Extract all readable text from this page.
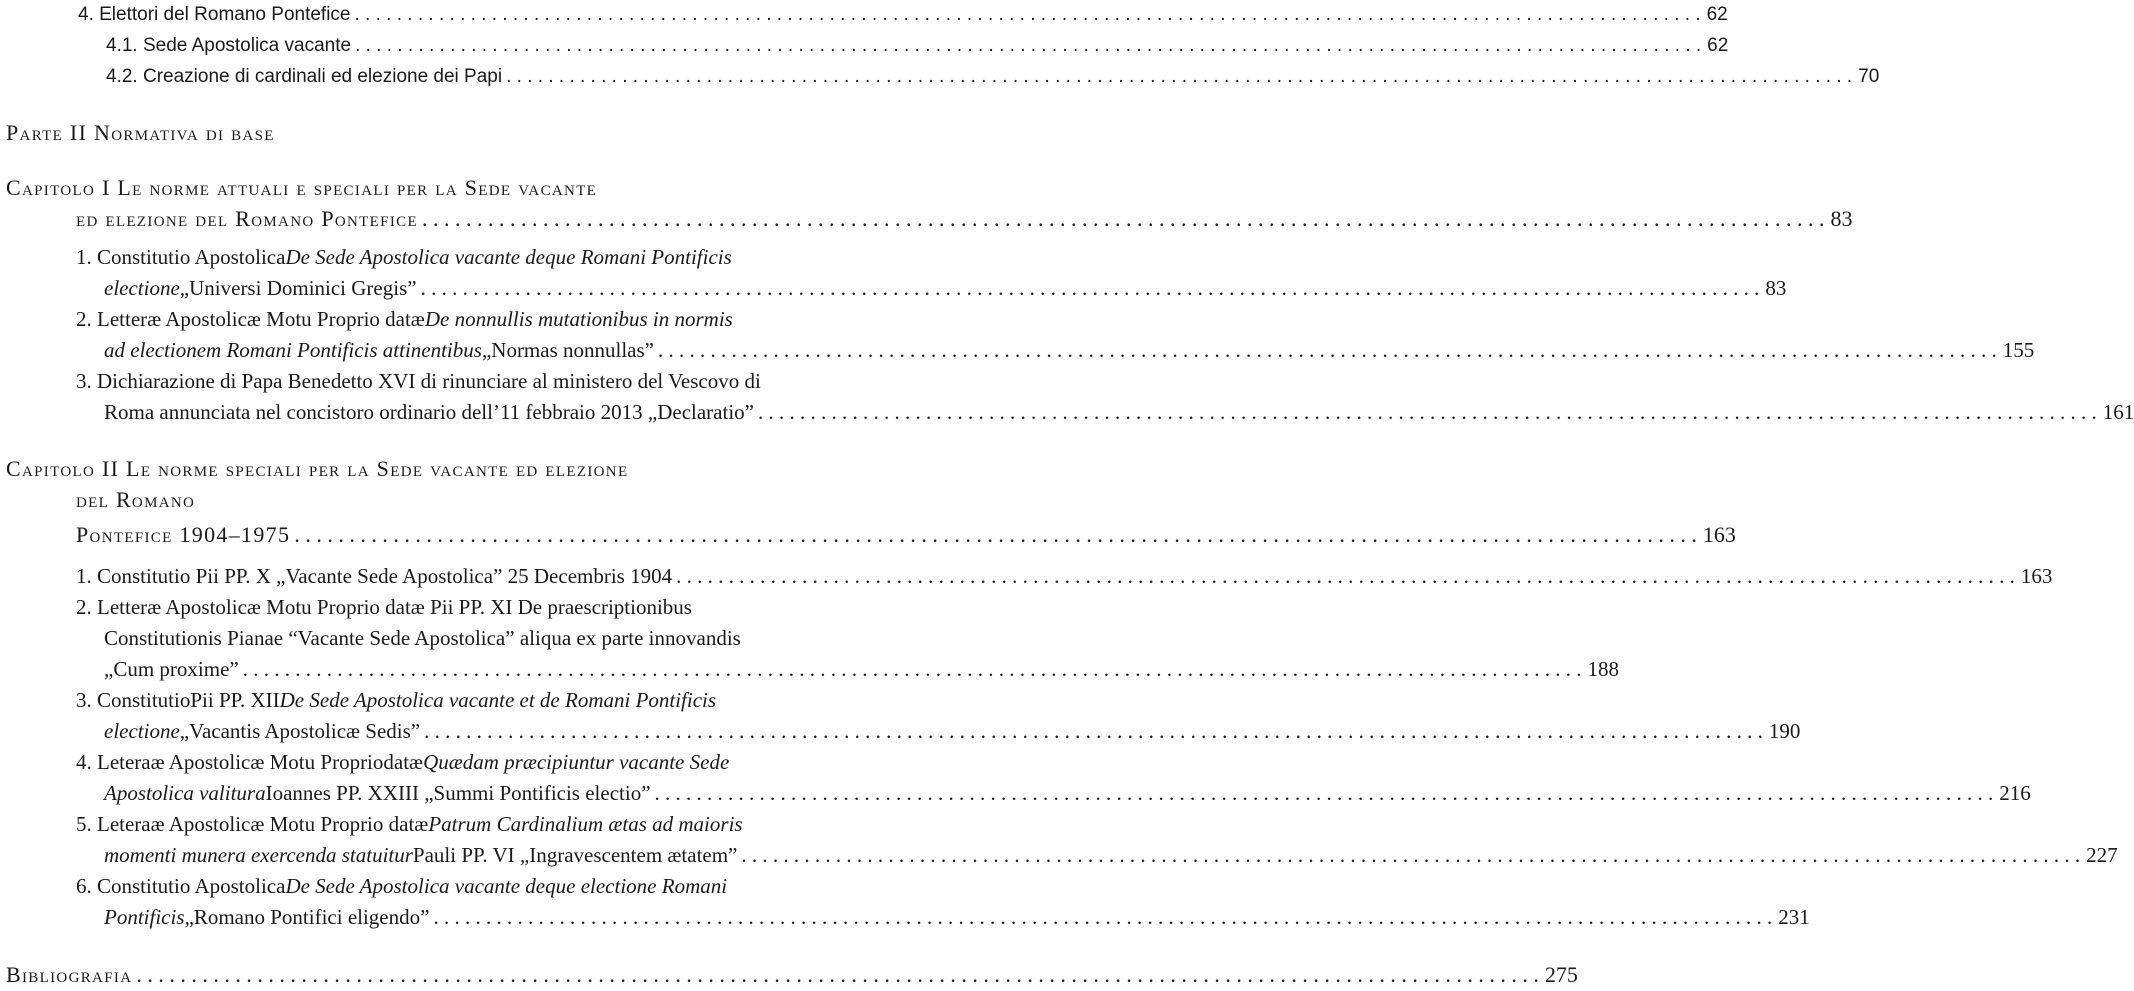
4. Elettori del Romano Pontefice . . .	62
4.1. Sede Apostolica vacante . . .	62
4.2. Creazione di cardinali ed elezione dei Papi . . .	70
Parte II Normativa di base
Capitolo I Le norme attuali e speciali per la Sede vacante
ed elezione del Romano Pontefice . . .	83
1. Constitutio Apostolica De Sede Apostolica vacante deque Romani Pontificis
electione „Universi Dominici Gregis” . . .	83
2. Letteræ Apostolicæ Motu Proprio datæ De nonnullis mutationibus in normis
ad electionem Romani Pontificis attinentibus „Normas nonnullas” . . .	155
3. Dichiarazione di Papa Benedetto XVI di rinunciare al ministero del Vescovo di
Roma annunciata nel concistoro ordinario dell’11 febbraio 2013 „Declaratio” . . .	161
Capitolo II Le norme speciali per la Sede vacante ed elezione
del Romano
Pontefice 1904–1975 . . .	163
1. Constitutio Pii PP. X „Vacante Sede Apostolica” 25 Decembris 1904 . . .	163
2. Letteræ Apostolicæ Motu Proprio datæ Pii PP. XI De praescriptionibus
Constitutionis Pianae “Vacante Sede Apostolica” aliqua ex parte innovandis
„Cum proxime” . . .	188
3. ConstitutioPii PP. XII De Sede Apostolica vacante et de Romani Pontificis
electione „Vacantis Apostolicæ Sedis” . . .	190
4. Leteraæ Apostolicæ Motu Propriodatæ Quædam præcipiuntur vacante Sede
Apostolica valitura Ioannes PP. XXIII „Summi Pontificis electio” . . .	216
5. Leteraæ Apostolicæ Motu Proprio datæ Patrum Cardinalium ætas ad maioris
momenti munera exercenda statuitur Pauli PP. VI „Ingravescentem ætatem” . . .	227
6. Constitutio Apostolica De Sede Apostolica vacante deque electione Romani
Pontificis „Romano Pontifici eligendo” . . .	231
Bibliografia . . .	275
